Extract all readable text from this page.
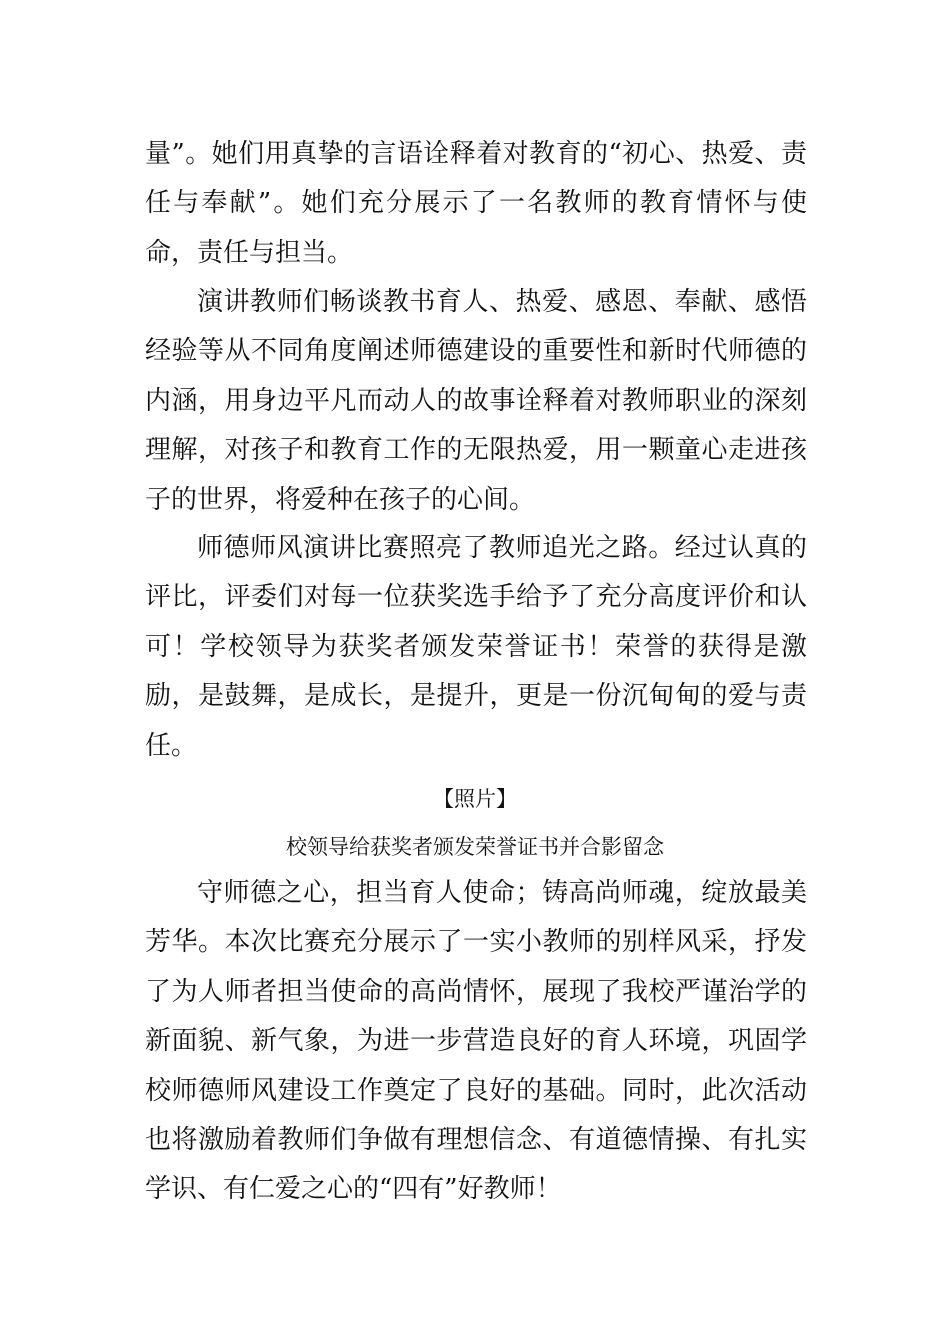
量”。她们用真挚的言语诠释着对教育的“初心、热爱、责任与奉献”。她们充分展示了一名教师的教育情怀与使命，责任与担当。

演讲教师们畅谈教书育人、热爱、感恩、奉献、感悟经验等从不同角度阐述师德建设的重要性和新时代师德的内涵，用身边平凡而动人的故事诠释着对教师职业的深刻理解，对孩子和教育工作的无限热爱，用一颗童心走进孩子的世界，将爱种在孩子的心间。

师德师风演讲比赛照亮了教师追光之路。经过认真的评比，评委们对每一位获奖选手给予了充分高度评价和认可！学校领导为获奖者颁发荣誉证书！荣誉的获得是激励，是鼓舞，是成长，是提升，更是一份沉甸甸的爱与责任。

【照片】
校领导给获奖者颁发荣誉证书并合影留念

守师德之心，担当育人使命；铸高尚师魂，绽放最美芳华。本次比赛充分展示了一实小教师的别样风采，抒发了为人师者担当使命的高尚情怀，展现了我校严谨治学的新面貌、新气象，为进一步营造良好的育人环境，巩固学校师德师风建设工作奠定了良好的基础。同时，此次活动也将激励着教师们争做有理想信念、有道德情操、有扎实学识、有仁爱之心的“四有”好教师！
